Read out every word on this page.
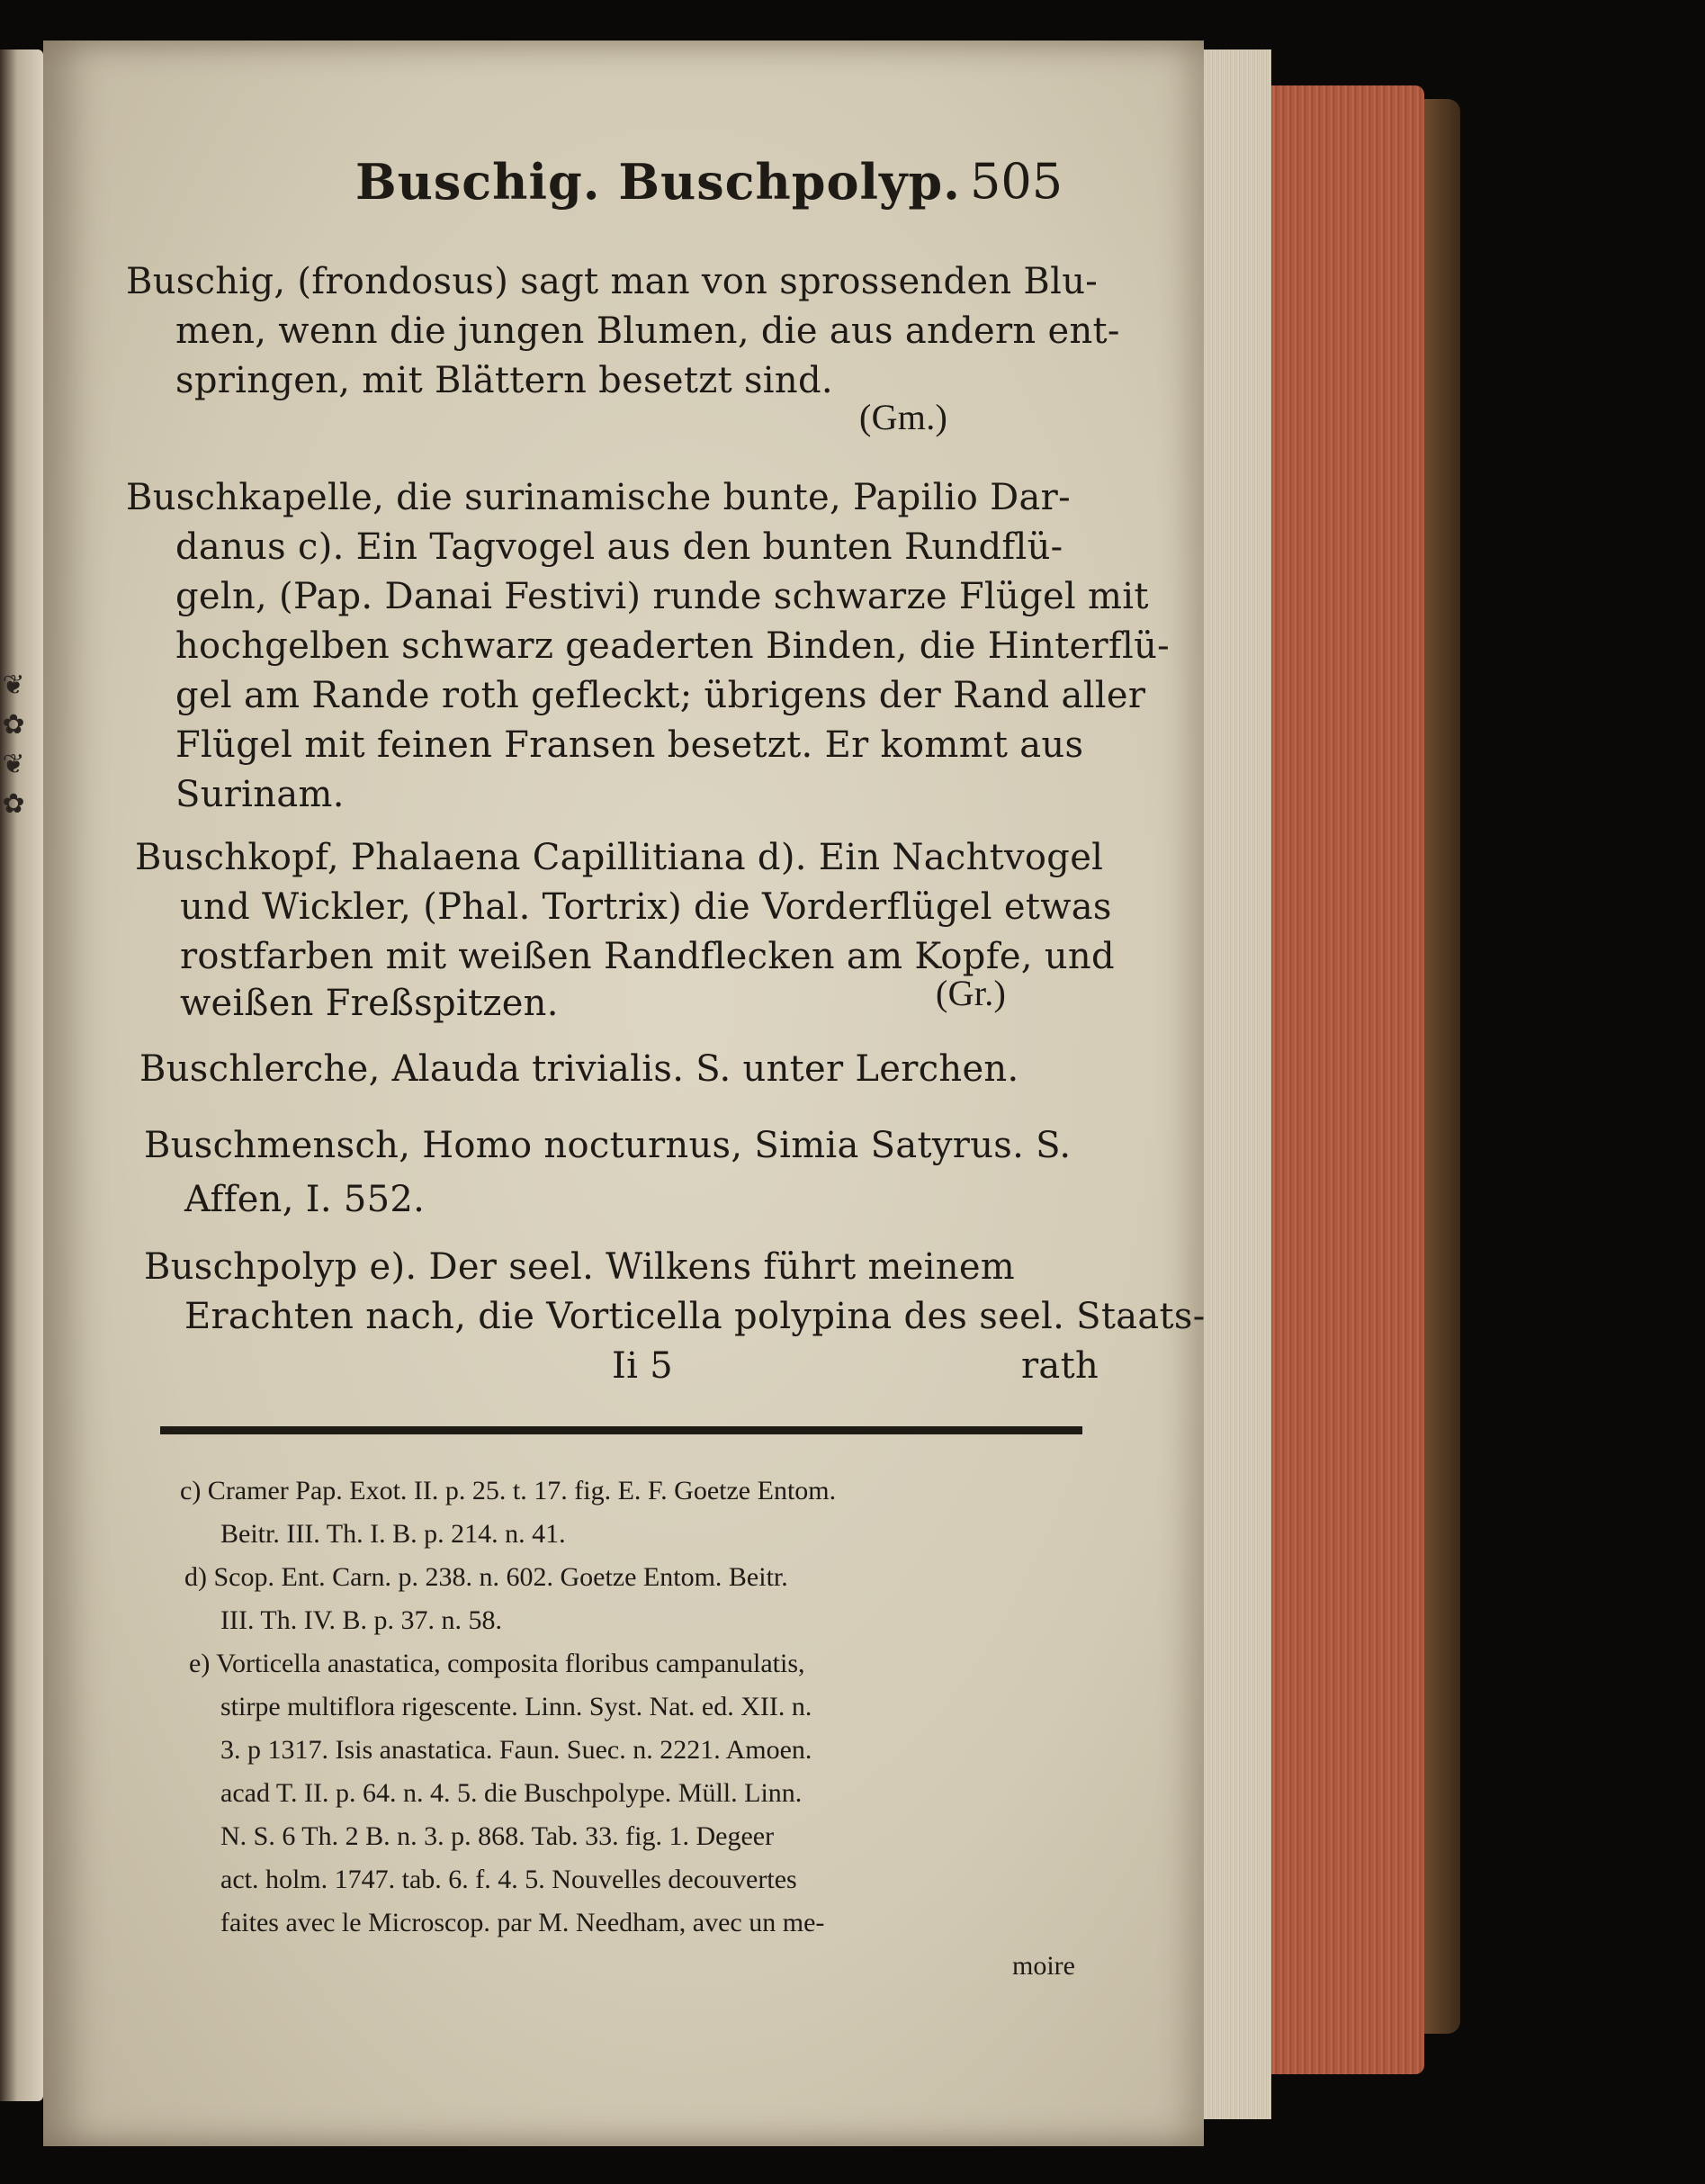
❦
✿
❦
✿
Buschig. Buschpolyp. 505
Buschig, (frondosus) sagt man von sprossenden Blu-
men, wenn die jungen Blumen, die aus andern ent-
springen, mit Blättern besetzt sind.
(Gm.)
Buschkapelle, die surinamische bunte, Papilio Dar-
danus c). Ein Tagvogel aus den bunten Rundflü-
geln, (Pap. Danai Festivi) runde schwarze Flügel mit
hochgelben schwarz geaderten Binden, die Hinterflü-
gel am Rande roth gefleckt; übrigens der Rand aller
Flügel mit feinen Fransen besetzt. Er kommt aus
Surinam.
Buschkopf, Phalaena Capillitiana d). Ein Nachtvogel
und Wickler, (Phal. Tortrix) die Vorderflügel etwas
rostfarben mit weißen Randflecken am Kopfe, und
weißen Freßspitzen.	(Gr.)
Buschlerche, Alauda trivialis. S. unter Lerchen.
Buschmensch, Homo nocturnus, Simia Satyrus. S.
Affen, I. 552.
Buschpolyp e). Der seel. Wilkens führt meinem
Erachten nach, die Vorticella polypina des seel. Staats-
Ii 5	rath
c) Cramer Pap. Exot. II. p. 25. t. 17. fig. E. F. Goetze Entom.
Beitr. III. Th. I. B. p. 214. n. 41.
d) Scop. Ent. Carn. p. 238. n. 602. Goetze Entom. Beitr.
III. Th. IV. B. p. 37. n. 58.
e) Vorticella anastatica, composita floribus campanulatis,
stirpe multiflora rigescente. Linn. Syst. Nat. ed. XII. n.
3. p 1317. Isis anastatica. Faun. Suec. n. 2221. Amoen.
acad T. II. p. 64. n. 4. 5. die Buschpolype. Müll. Linn.
N. S. 6 Th. 2 B. n. 3. p. 868. Tab. 33. fig. 1. Degeer
act. holm. 1747. tab. 6. f. 4. 5. Nouvelles decouvertes
faites avec le Microscop. par M. Needham, avec un me-
moire
